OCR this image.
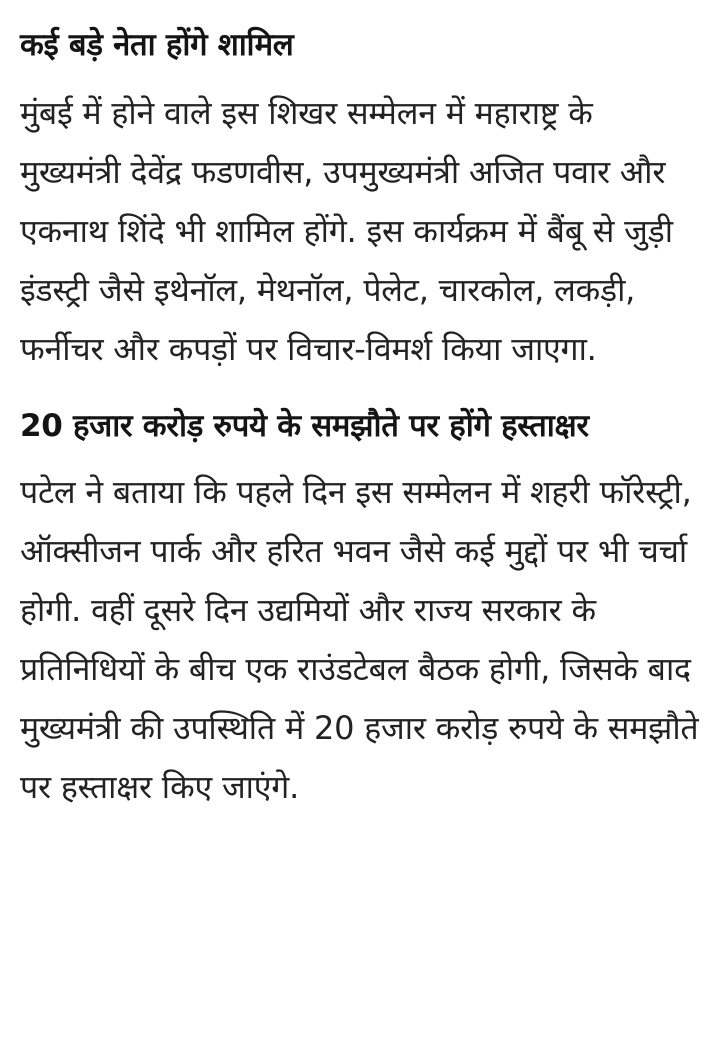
कई बड़े नेता होंगे शामिल

मुंबई में होने वाले इस शिखर सम्मेलन में महाराष्ट्र के मुख्यमंत्री देवेंद्र फडणवीस, उपमुख्यमंत्री अजित पवार और एकनाथ शिंदे भी शामिल होंगे. इस कार्यक्रम में बैंबू से जुड़ी इंडस्ट्री जैसे इथेनॉल, मेथनॉल, पेलेट, चारकोल, लकड़ी, फर्नीचर और कपड़ों पर विचार-विमर्श किया जाएगा.

20 हजार करोड़ रुपये के समझौते पर होंगे हस्ताक्षर

पटेल ने बताया कि पहले दिन इस सम्मेलन में शहरी फॉरेस्ट्री, ऑक्सीजन पार्क और हरित भवन जैसे कई मुद्दों पर भी चर्चा होगी. वहीं दूसरे दिन उद्यमियों और राज्य सरकार के प्रतिनिधियों के बीच एक राउंडटेबल बैठक होगी, जिसके बाद मुख्यमंत्री की उपस्थिति में 20 हजार करोड़ रुपये के समझौते पर हस्ताक्षर किए जाएंगे.
